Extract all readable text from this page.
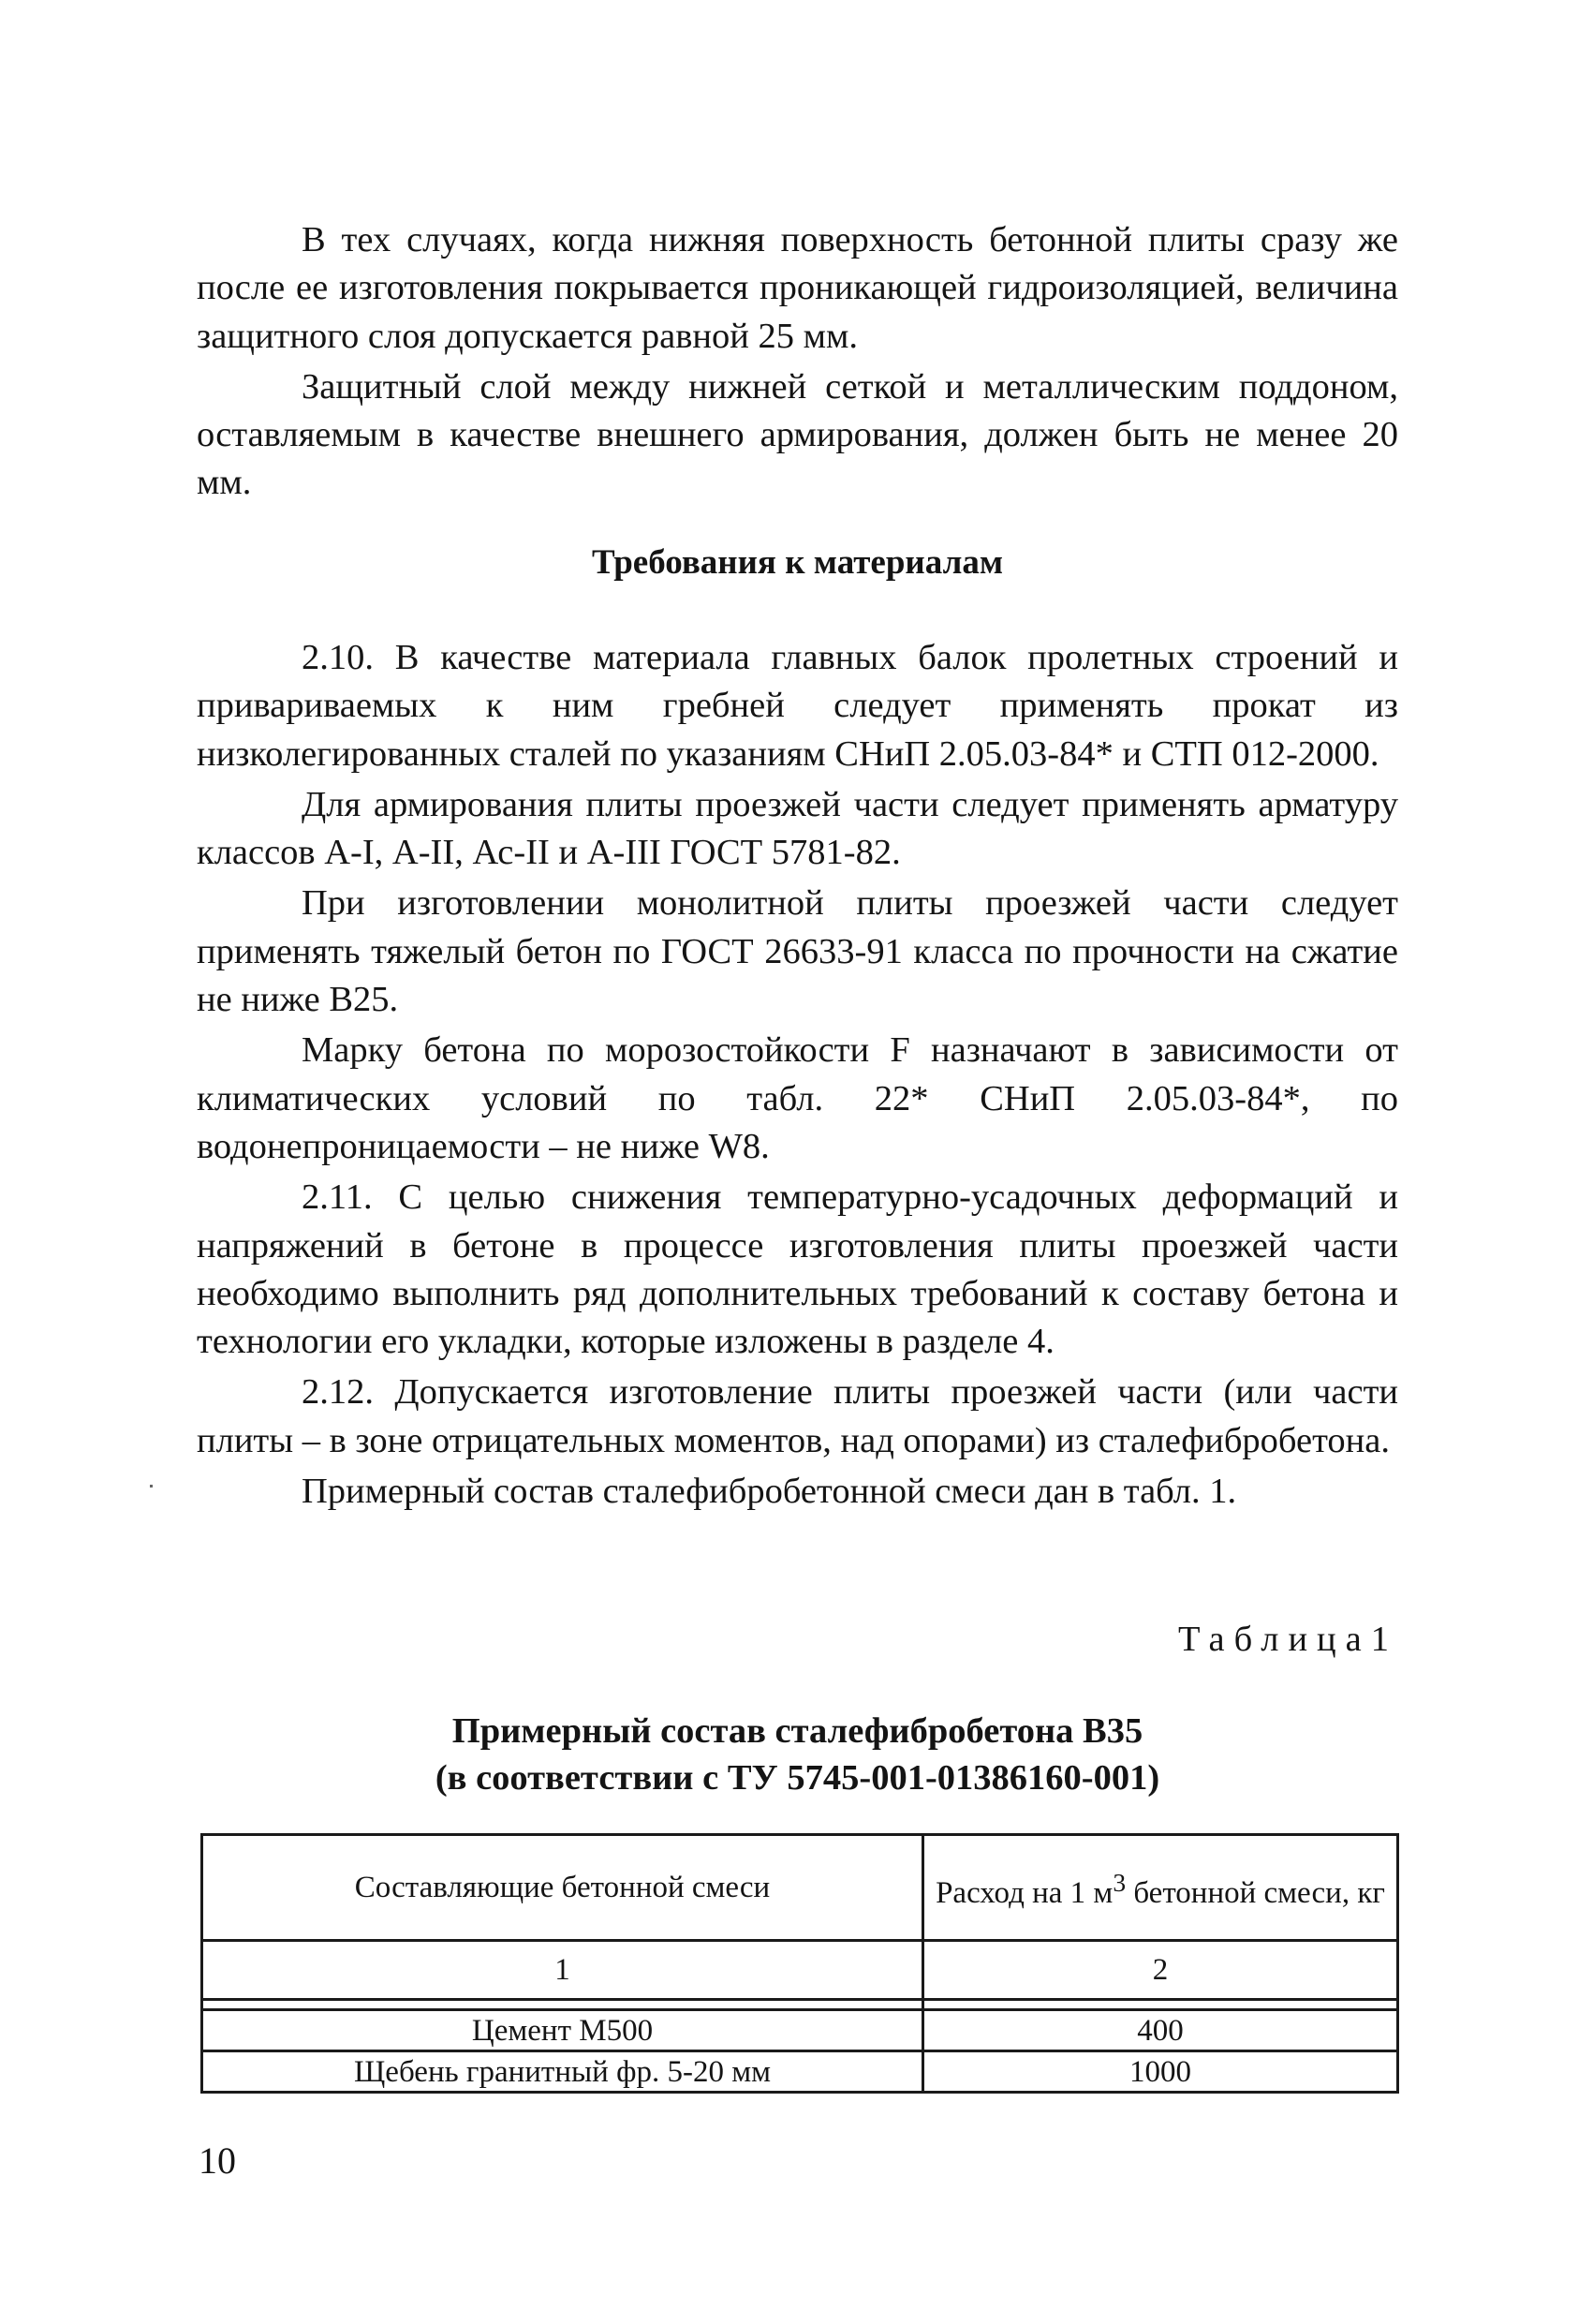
В тех случаях, когда нижняя поверхность бетонной плиты сразу же после ее изготовления покрывается проникающей гидроизоляцией, величина защитного слоя допускается равной 25 мм.

Защитный слой между нижней сеткой и металлическим поддоном, оставляемым в качестве внешнего армирования, должен быть не менее 20 мм.

Требования к материалам

2.10. В качестве материала главных балок пролетных строений и привариваемых к ним гребней следует применять прокат из низколегированных сталей по указаниям СНиП 2.05.03-84* и СТП 012-2000.

Для армирования плиты проезжей части следует применять арматуру классов А-I, А-II, Ас-II и А-III ГОСТ 5781-82.

При изготовлении монолитной плиты проезжей части следует применять тяжелый бетон по ГОСТ 26633-91 класса по прочности на сжатие не ниже В25.

Марку бетона по морозостойкости F назначают в зависимости от климатических условий по табл. 22* СНиП 2.05.03-84*, по водонепроницаемости – не ниже W8.

2.11. С целью снижения температурно-усадочных деформаций и напряжений в бетоне в процессе изготовления плиты проезжей части необходимо выполнить ряд дополнительных требований к составу бетона и технологии его укладки, которые изложены в разделе 4.

2.12. Допускается изготовление плиты проезжей части (или части плиты – в зоне отрицательных моментов, над опорами) из сталефибробетона.

Примерный состав сталефибробетонной смеси дан в табл. 1.

Таблица1
Примерный состав сталефибробетона В35
(в соответствии с ТУ 5745-001-01386160-001)
Составляющие бетонной смеси	Расход на 1 $м^3$ бетонной смеси, кг
1	2

Цемент М500	400
Щебень гранитный фр. 5-20 мм	1000
10
